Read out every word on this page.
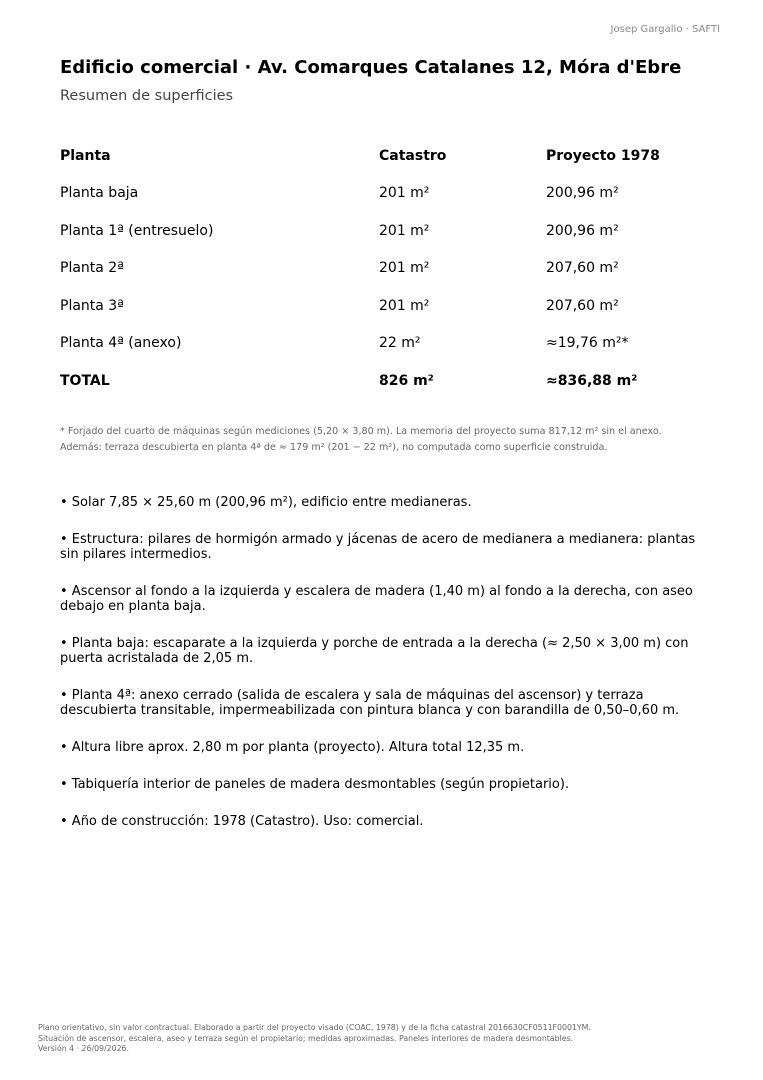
Josep Gargallo · SAFTI
Edificio comercial · Av. Comarques Catalanes 12, Móra d'Ebre
Resumen de superficies
Planta	Catastro	Proyecto 1978
Planta baja	201 m²	200,96 m²
Planta 1ª (entresuelo)	201 m²	200,96 m²
Planta 2ª	201 m²	207,60 m²
Planta 3ª	201 m²	207,60 m²
Planta 4ª (anexo)	22 m²	≈19,76 m²*
TOTAL	826 m²	≈836,88 m²
* Forjado del cuarto de máquinas según mediciones (5,20 × 3,80 m). La memoria del proyecto suma 817,12 m² sin el anexo.
Además: terraza descubierta en planta 4ª de ≈ 179 m² (201 − 22 m²), no computada como superficie construida.
• Solar 7,85 × 25,60 m (200,96 m²), edificio entre medianeras.
• Estructura: pilares de hormigón armado y jácenas de acero de medianera a medianera: plantas sin pilares intermedios.
• Ascensor al fondo a la izquierda y escalera de madera (1,40 m) al fondo a la derecha, con aseo debajo en planta baja.
• Planta baja: escaparate a la izquierda y porche de entrada a la derecha (≈ 2,50 × 3,00 m) con puerta acristalada de 2,05 m.
• Planta 4ª: anexo cerrado (salida de escalera y sala de máquinas del ascensor) y terraza descubierta transitable, impermeabilizada con pintura blanca y con barandilla de 0,50–0,60 m.
• Altura libre aprox. 2,80 m por planta (proyecto). Altura total 12,35 m.
• Tabiquería interior de paneles de madera desmontables (según propietario).
• Año de construcción: 1978 (Catastro). Uso: comercial.
Plano orientativo, sin valor contractual. Elaborado a partir del proyecto visado (COAC, 1978) y de la ficha catastral 2016630CF0511F0001YM.
Situación de ascensor, escalera, aseo y terraza según el propietario; medidas aproximadas. Paneles interiores de madera desmontables.
Versión 4 · 26/09/2026.
